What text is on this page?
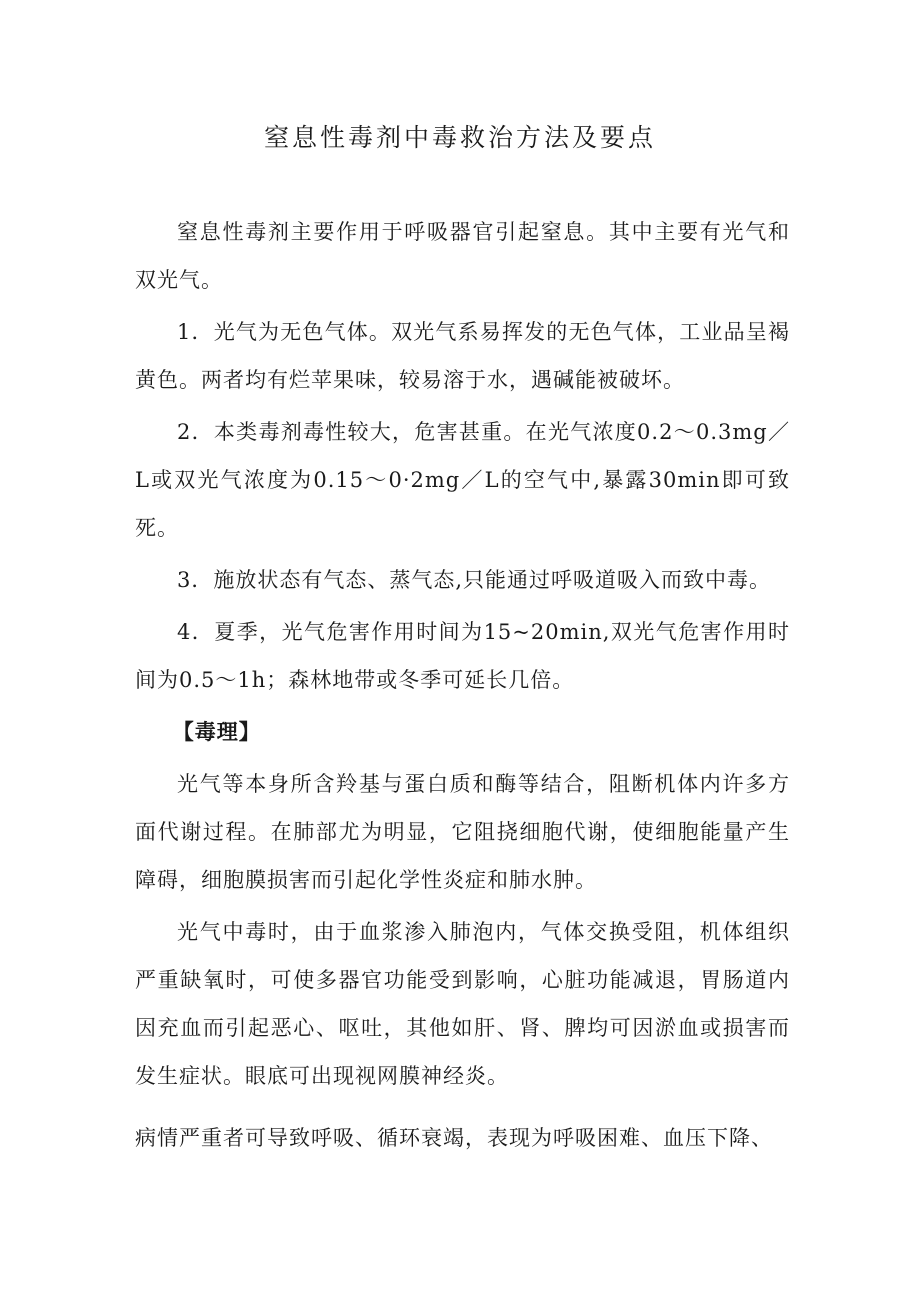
窒息性毒剂中毒救治方法及要点

窒息性毒剂主要作用于呼吸器官引起窒息。其中主要有光气和双光气。

1．光气为无色气体。双光气系易挥发的无色气体，工业品呈褐黄色。两者均有烂苹果味，较易溶于水，遇碱能被破坏。

2．本类毒剂毒性较大，危害甚重。在光气浓度0.2～0.3mg／L或双光气浓度为0.15～0·2mg／L的空气中,暴露30min即可致死。

3．施放状态有气态、蒸气态,只能通过呼吸道吸入而致中毒。

4．夏季，光气危害作用时间为15~20min,双光气危害作用时间为0.5～1h；森林地带或冬季可延长几倍。

【毒理】

光气等本身所含羚基与蛋白质和酶等结合，阻断机体内许多方面代谢过程。在肺部尤为明显，它阻挠细胞代谢，使细胞能量产生障碍，细胞膜损害而引起化学性炎症和肺水肿。

光气中毒时，由于血浆渗入肺泡内，气体交换受阻，机体组织严重缺氧时，可使多器官功能受到影响，心脏功能减退，胃肠道内因充血而引起恶心、呕吐，其他如肝、肾、脾均可因淤血或损害而发生症状。眼底可出现视网膜神经炎。

病情严重者可导致呼吸、循环衰竭，表现为呼吸困难、血压下降、
